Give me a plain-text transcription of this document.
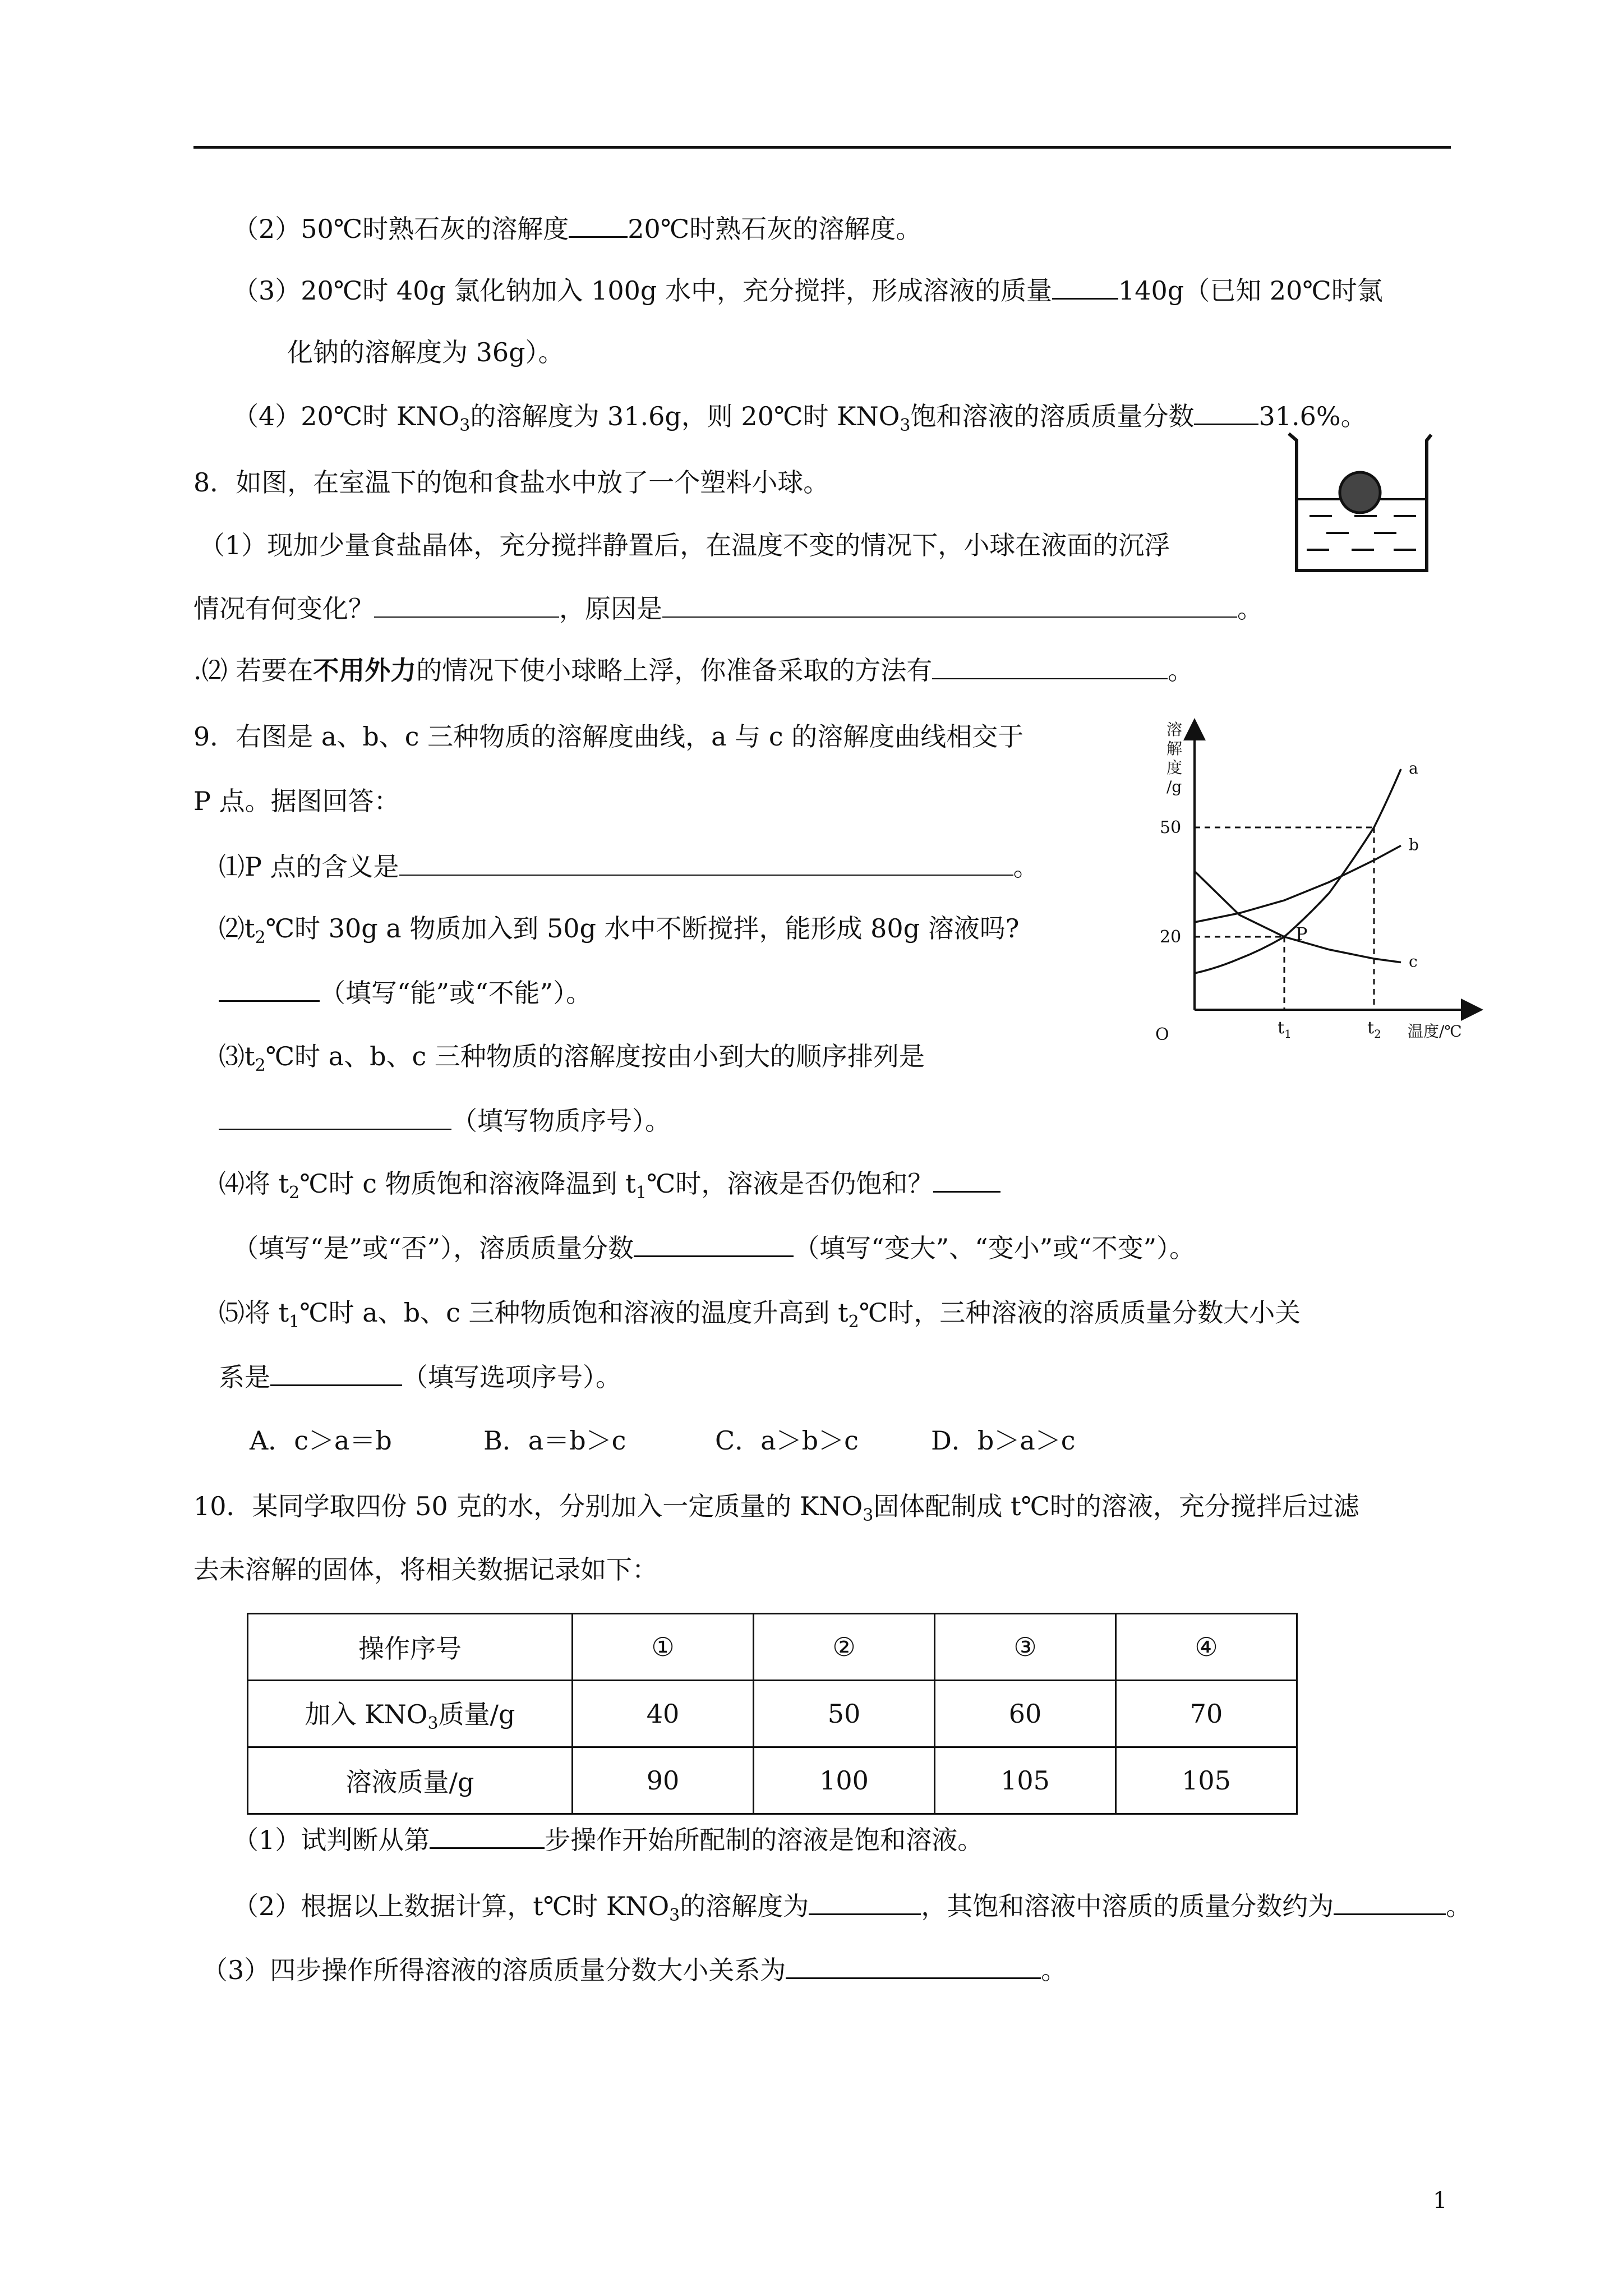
（2）50℃时熟石灰的溶解度 20℃时熟石灰的溶解度。
（3）20℃时 40g 氯化钠加入 100g 水中，充分搅拌，形成溶液的质量	140g（已知 20℃时氯
化钠的溶解度为 36g）。
（4）20℃时 $KNO_3$的溶解度为 31.6g，则 20℃时 $KNO_3$饱和溶液的溶质质量分数	31.6%。
8．如图，在室温下的饱和食盐水中放了一个塑料小球。
（1）现加少量食盐晶体，充分搅拌静置后，在温度不变的情况下，小球在液面的沉浮
情况有何变化？	，原因是	。
.⑵ 若要在不用外力的情况下使小球略上浮，你准备采取的方法有	。
9．右图是 a、b、c 三种物质的溶解度曲线，a 与 c 的溶解度曲线相交于
P 点。据图回答：
⑴P 点的含义是	。
$⑵t_2℃$时 30g a 物质加入到 50g 水中不断搅拌，能形成 80g 溶液吗?
（填写“能”或“不能”）。
$⑶t_2℃$时 a、b、c 三种物质的溶解度按由小到大的顺序排列是
（填写物质序号）。
⑷将 $t_2℃$时 c 物质饱和溶液降温到 $t_1℃$时，溶液是否仍饱和？
（填写“是”或“否”），溶质质量分数	（填写“变大”、“变小”或“不变”）。
⑸将 $t_1℃$时 a、b、c 三种物质饱和溶液的温度升高到 $t_2℃$时，三种溶液的溶质质量分数大小关
系是	（填写选项序号）。
A．c＞a＝b	B．a＝b＞c	C．a＞b＞c	D．b＞a＞c
溶
解
度
/g
O	温度/℃
50
20
$t_1$	$t_2$
a
b
c
P
10．某同学取四份 50 克的水，分别加入一定质量的 $KNO_3$固体配制成 t℃时的溶液，充分搅拌后过滤
去未溶解的固体，将相关数据记录如下：
操作序号	①	②	③	④
加入 $KNO_3$质量/g	40	50	60	70
溶液质量/g	90	100	105	105
（1）试判断从第	步操作开始所配制的溶液是饱和溶液。
（2）根据以上数据计算，t℃时 $KNO_3$的溶解度为	，其饱和溶液中溶质的质量分数约为	。
（3）四步操作所得溶液的溶质质量分数大小关系为	。
1
